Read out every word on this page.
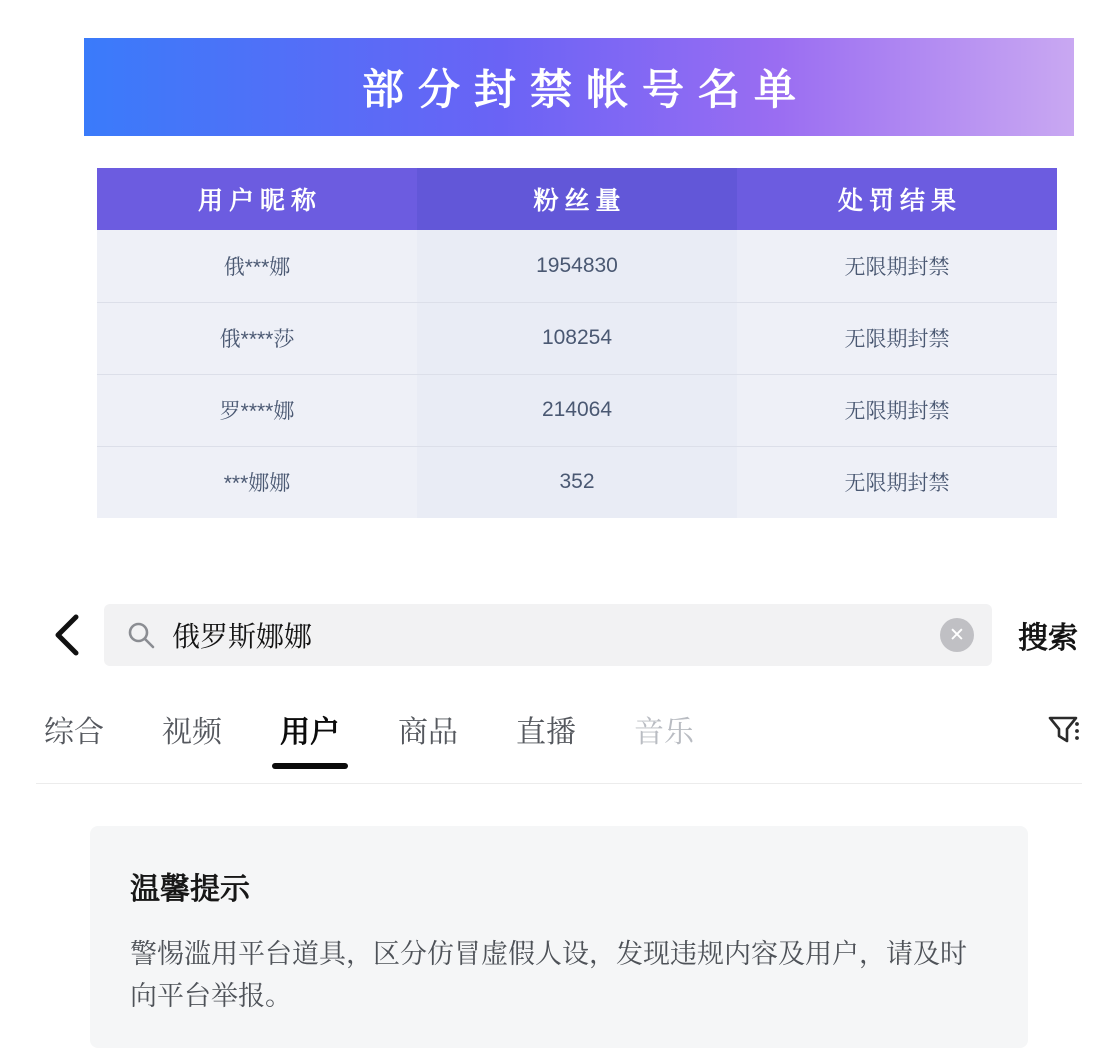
部分封禁帐号名单
用户昵称	粉丝量	处罚结果
俄***娜	1954830	无限期封禁
俄****莎	108254	无限期封禁
罗****娜	214064	无限期封禁
***娜娜	352	无限期封禁
俄罗斯娜娜	✕	搜索
综合 视频 用户 商品 直播 音乐
温馨提示
警惕滥用平台道具，区分仿冒虚假人设，发现违规内容及用户，请及时向平台举报。
